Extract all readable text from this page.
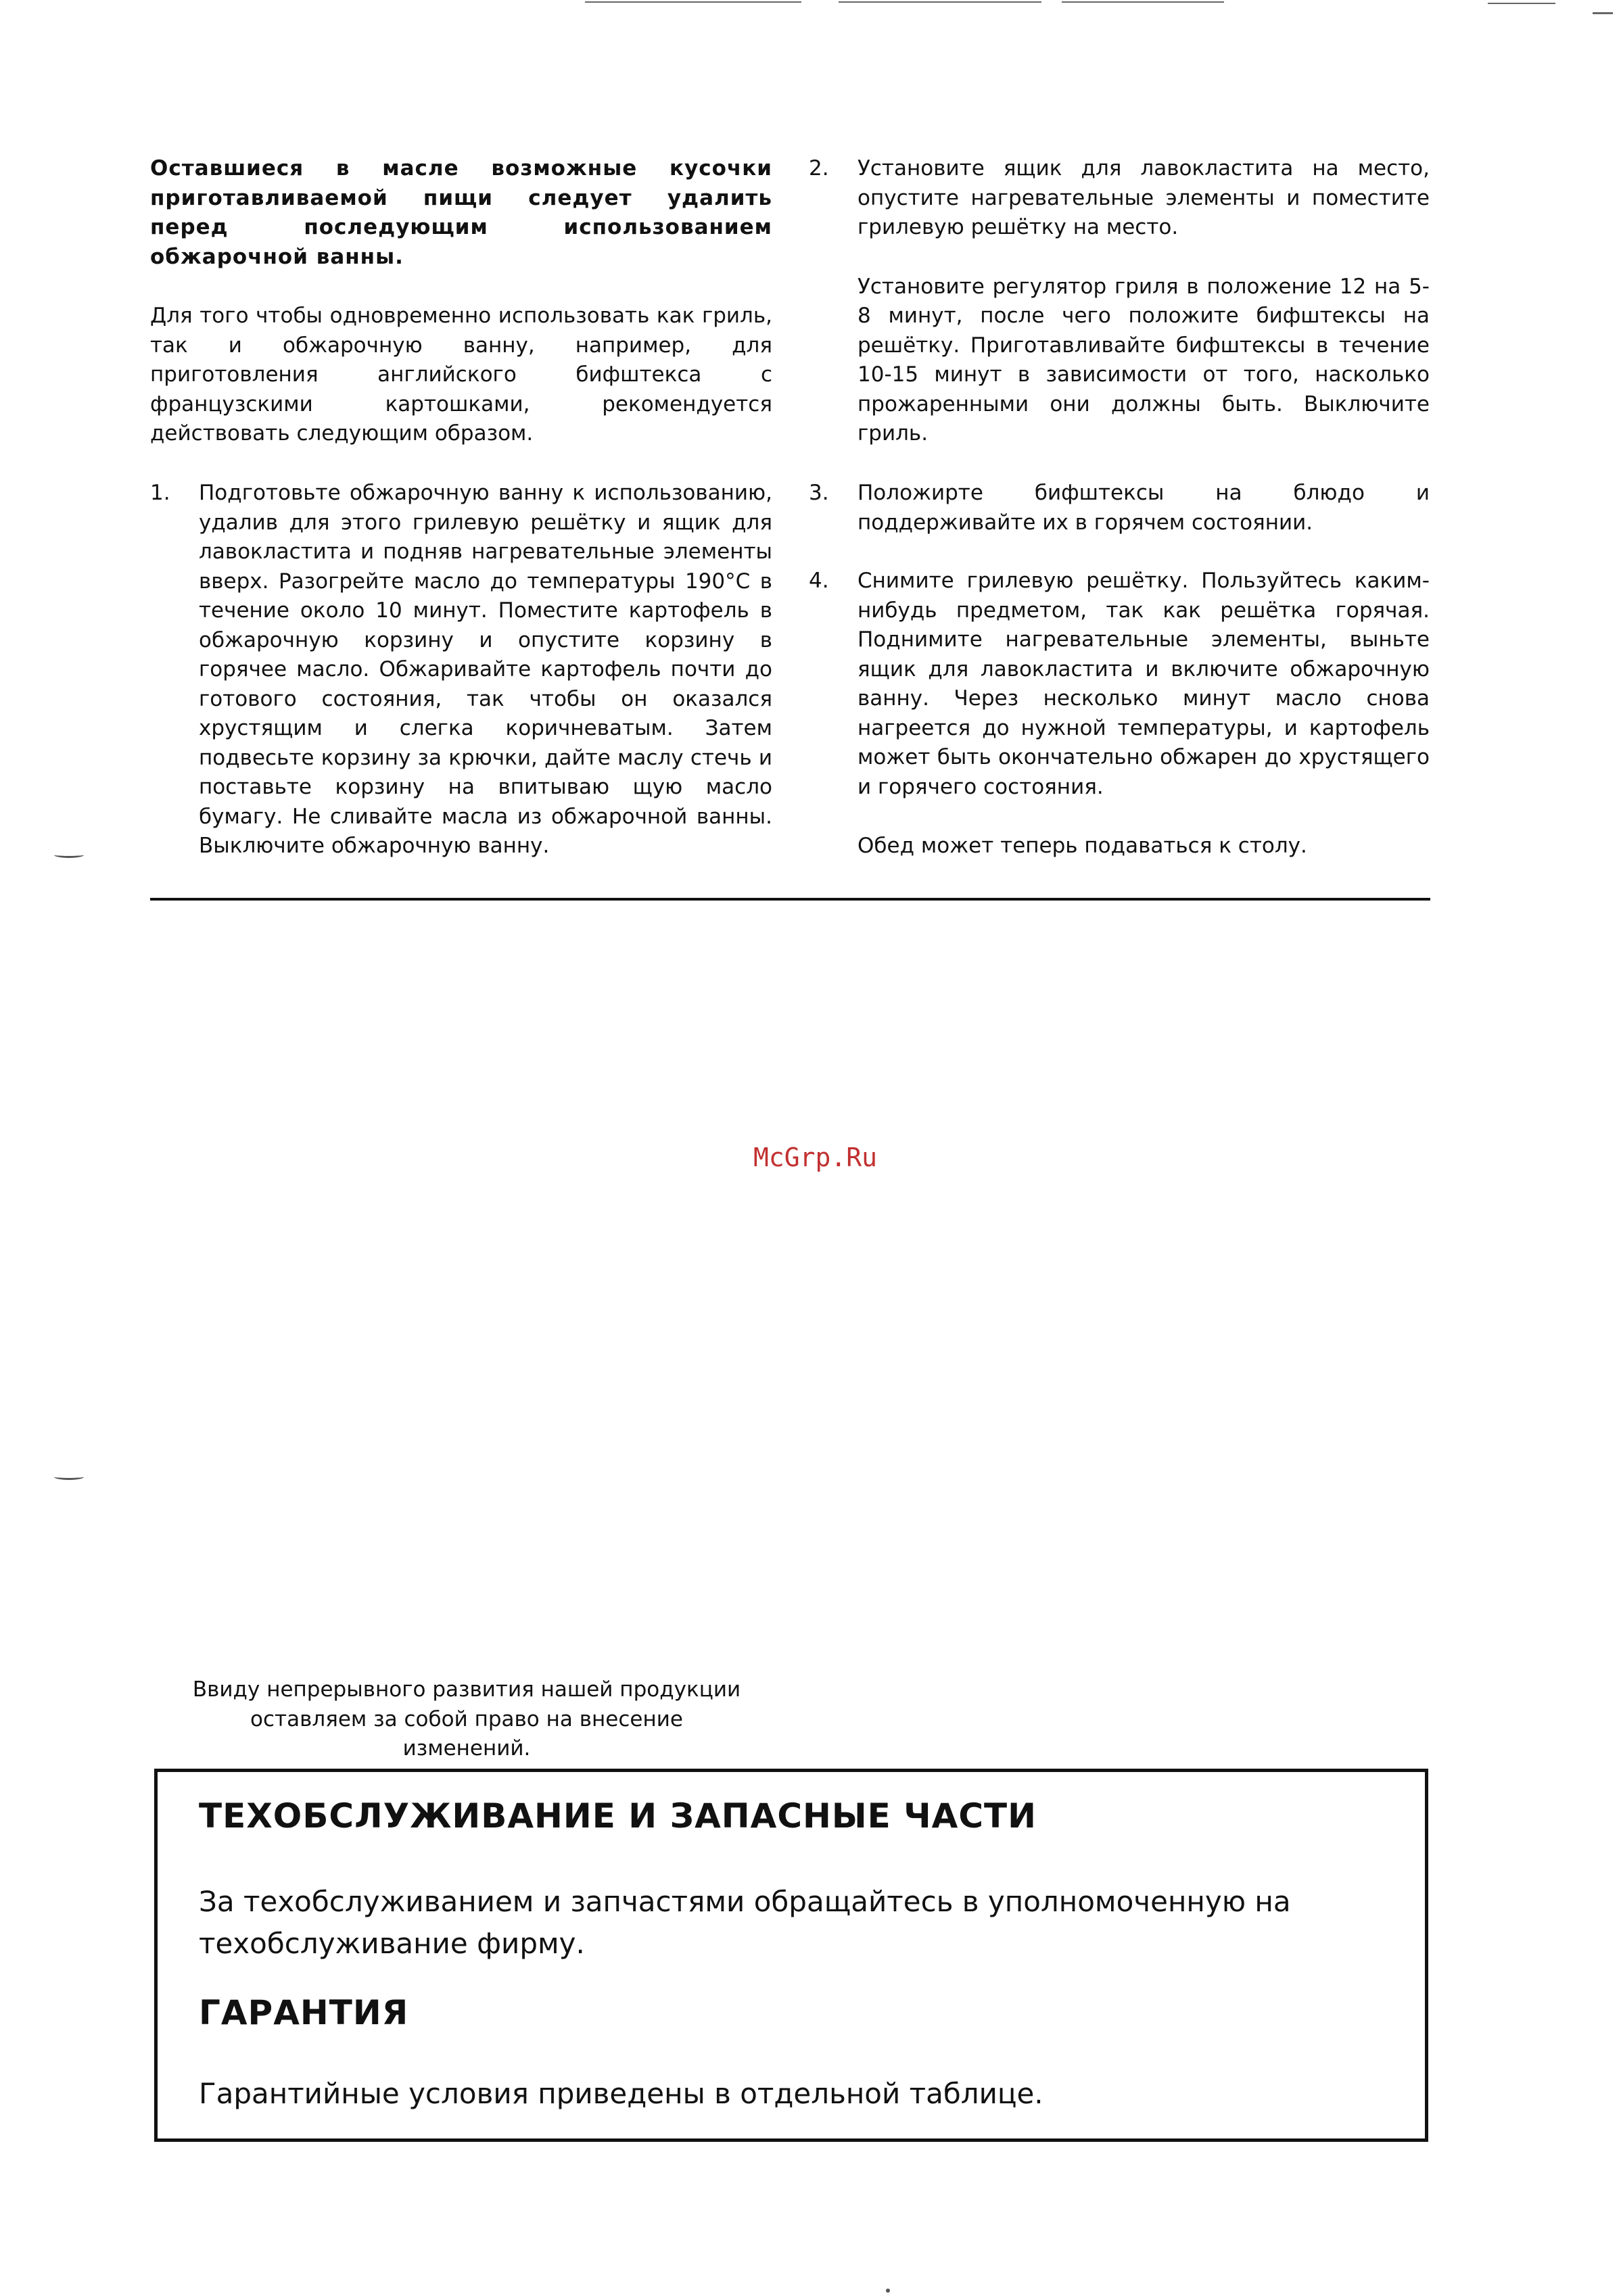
Оставшиеся в масле возможные кусочки приготавливаемой пищи следует удалить перед последующим использованием обжарочной ванны.

Для того чтобы одновременно использовать как гриль, так и обжарочную ванну, например, для приготовления английского бифштекса с французскими картошками, рекомендуется действовать следующим образом.

1. Подготовьте обжарочную ванну к использованию, удалив для этого грилевую решётку и ящик для лавокластита и подняв нагревательные элементы вверх. Разогрейте масло до температуры 190°C в течение около 10 минут. Поместите картофель в обжарочную корзину и опустите корзину в горячее масло. Обжаривайте картофель почти до готового состояния, так чтобы он оказался хрустящим и слегка коричневатым. Затем подвесьте корзину за крючки, дайте маслу стечь и поставьте корзину на впитываю щую масло бумагу. Не сливайте масла из обжарочной ванны. Выключите обжарочную ванну.
2. Установите ящик для лавокластита на место, опустите нагревательные элементы и поместите грилевую решётку на место.

Установите регулятор гриля в положение 12 на 5-8 минут, после чего положите бифштексы на решётку. Приготавливайте бифштексы в течение 10-15 минут в зависимости от того, насколько прожаренными они должны быть. Выключите гриль.

3. Положирте бифштексы на блюдо и поддерживайте их в горячем состоянии.
4. Снимите грилевую решётку. Пользуйтесь каким-нибудь предметом, так как решётка горячая. Поднимите нагревательные элементы, выньте ящик для лавокластита и включите обжарочную ванну. Через несколько минут масло снова нагреется до нужной температуры, и картофель может быть окончательно обжарен до хрустящего и горячего состояния.

Обед может теперь подаваться к столу.

McGrp.Ru
Ввиду непрерывного развития нашей продукции
оставляем за собой право на внесение
изменений.
ТЕХОБСЛУЖИВАНИЕ И ЗАПАСНЫЕ ЧАСТИ

За техобслуживанием и запчастями обращайтесь в уполномоченную на техобслуживание фирму.

ГАРАНТИЯ

Гарантийные условия приведены в отдельной таблице.
